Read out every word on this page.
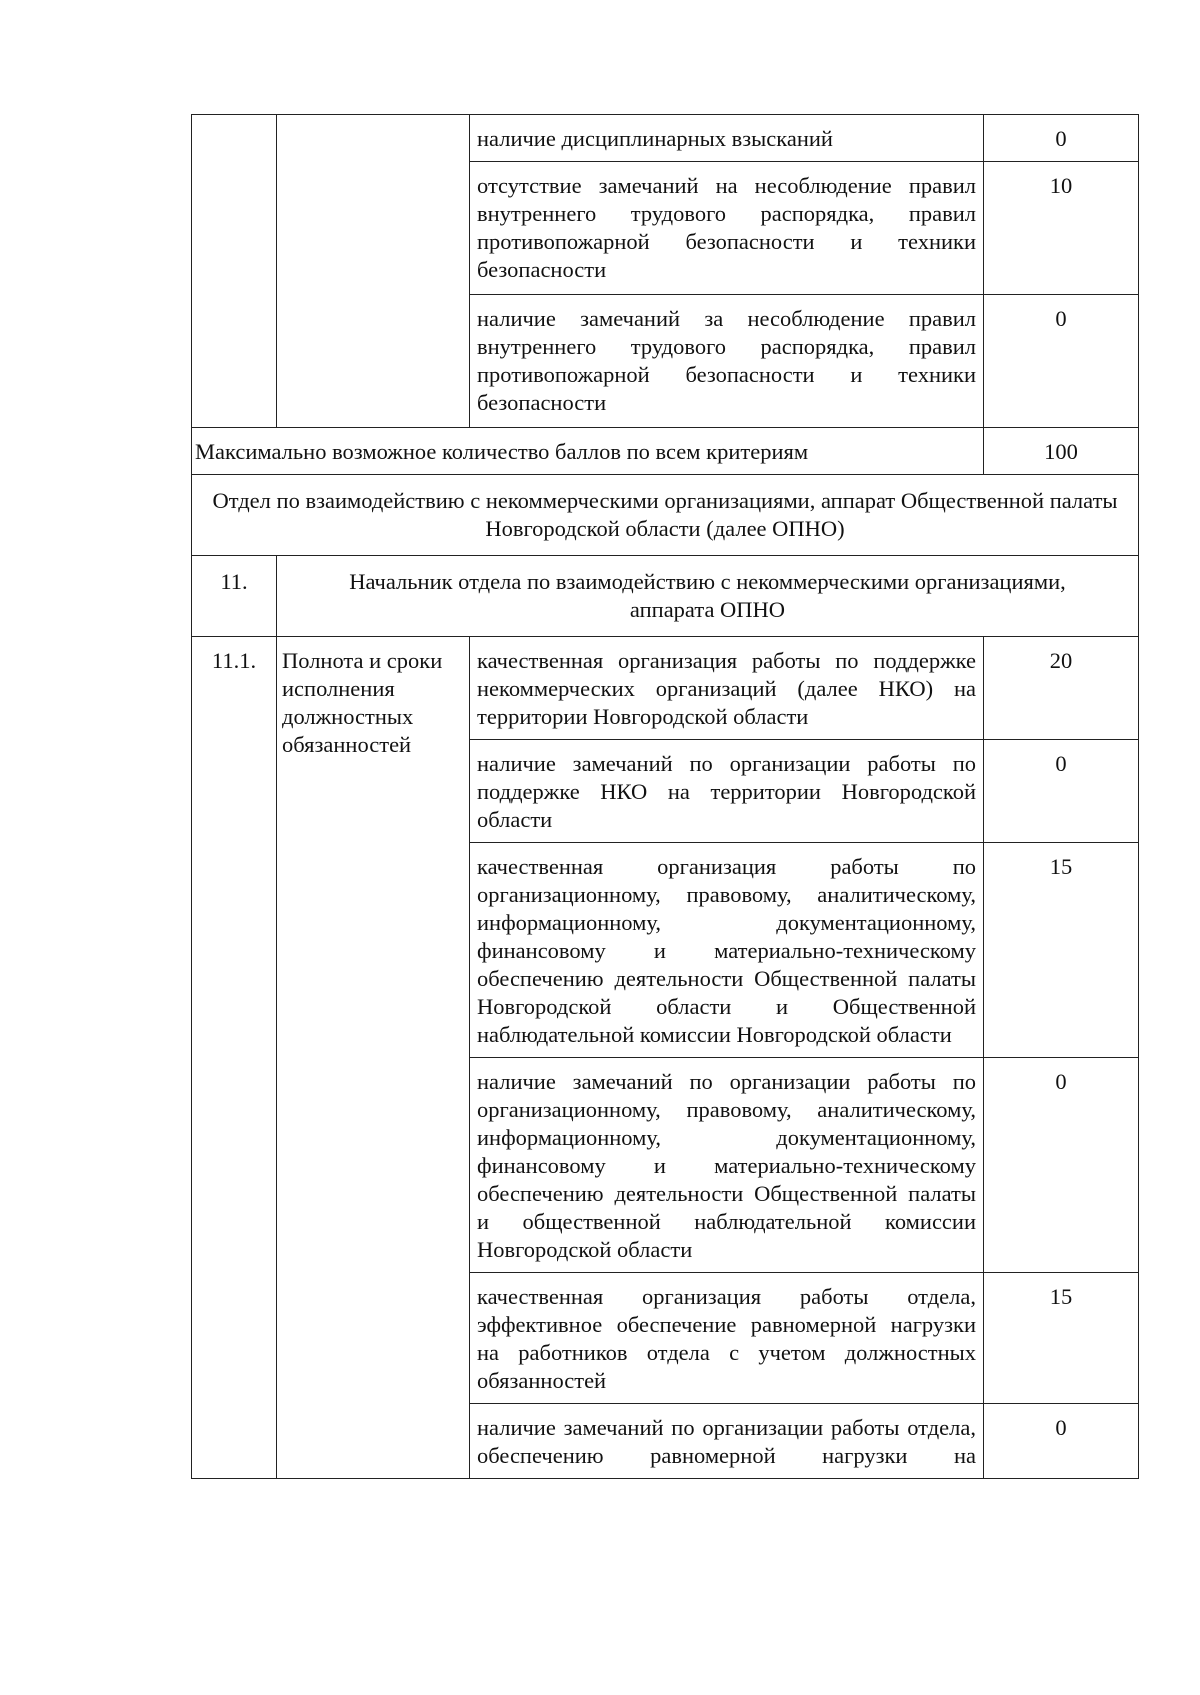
		наличие дисциплинарных взысканий	0
		отсутствие замечаний на несоблюдение правил внутреннего трудового распорядка, правил противопожарной безопасности и техники безопасности	10
		наличие замечаний за несоблюдение правил внутреннего трудового распорядка, правил противопожарной безопасности и техники безопасности	0
Максимально возможное количество баллов по всем критериям			100
Отдел по взаимодействию с некоммерческими организациями, аппарат Общественной палаты Новгородской области (далее ОПНО)			
11.	Начальник отдела по взаимодействию с некоммерческими организациями, аппарата ОПНО		
11.1.	Полнота и сроки исполнения должностных обязанностей	качественная организация работы по поддержке некоммерческих организаций (далее НКО) на территории Новгородской области	20
		наличие замечаний по организации работы по поддержке НКО на территории Новгородской области	0
		качественная организация работы по организационному, правовому, аналитическому, информационному, документационному, финансовому и материально-техническому обеспечению деятельности Общественной палаты Новгородской области и Общественной наблюдательной комиссии Новгородской области	15
		наличие замечаний по организации работы по организационному, правовому, аналитическому, информационному, документационному, финансовому и материально-техническому обеспечению деятельности Общественной палаты и общественной наблюдательной комиссии Новгородской области	0
		качественная организация работы отдела, эффективное обеспечение равномерной нагрузки на работников отдела с учетом должностных обязанностей	15
		наличие замечаний по организации работы отдела, обеспечению равномерной нагрузки на	0
